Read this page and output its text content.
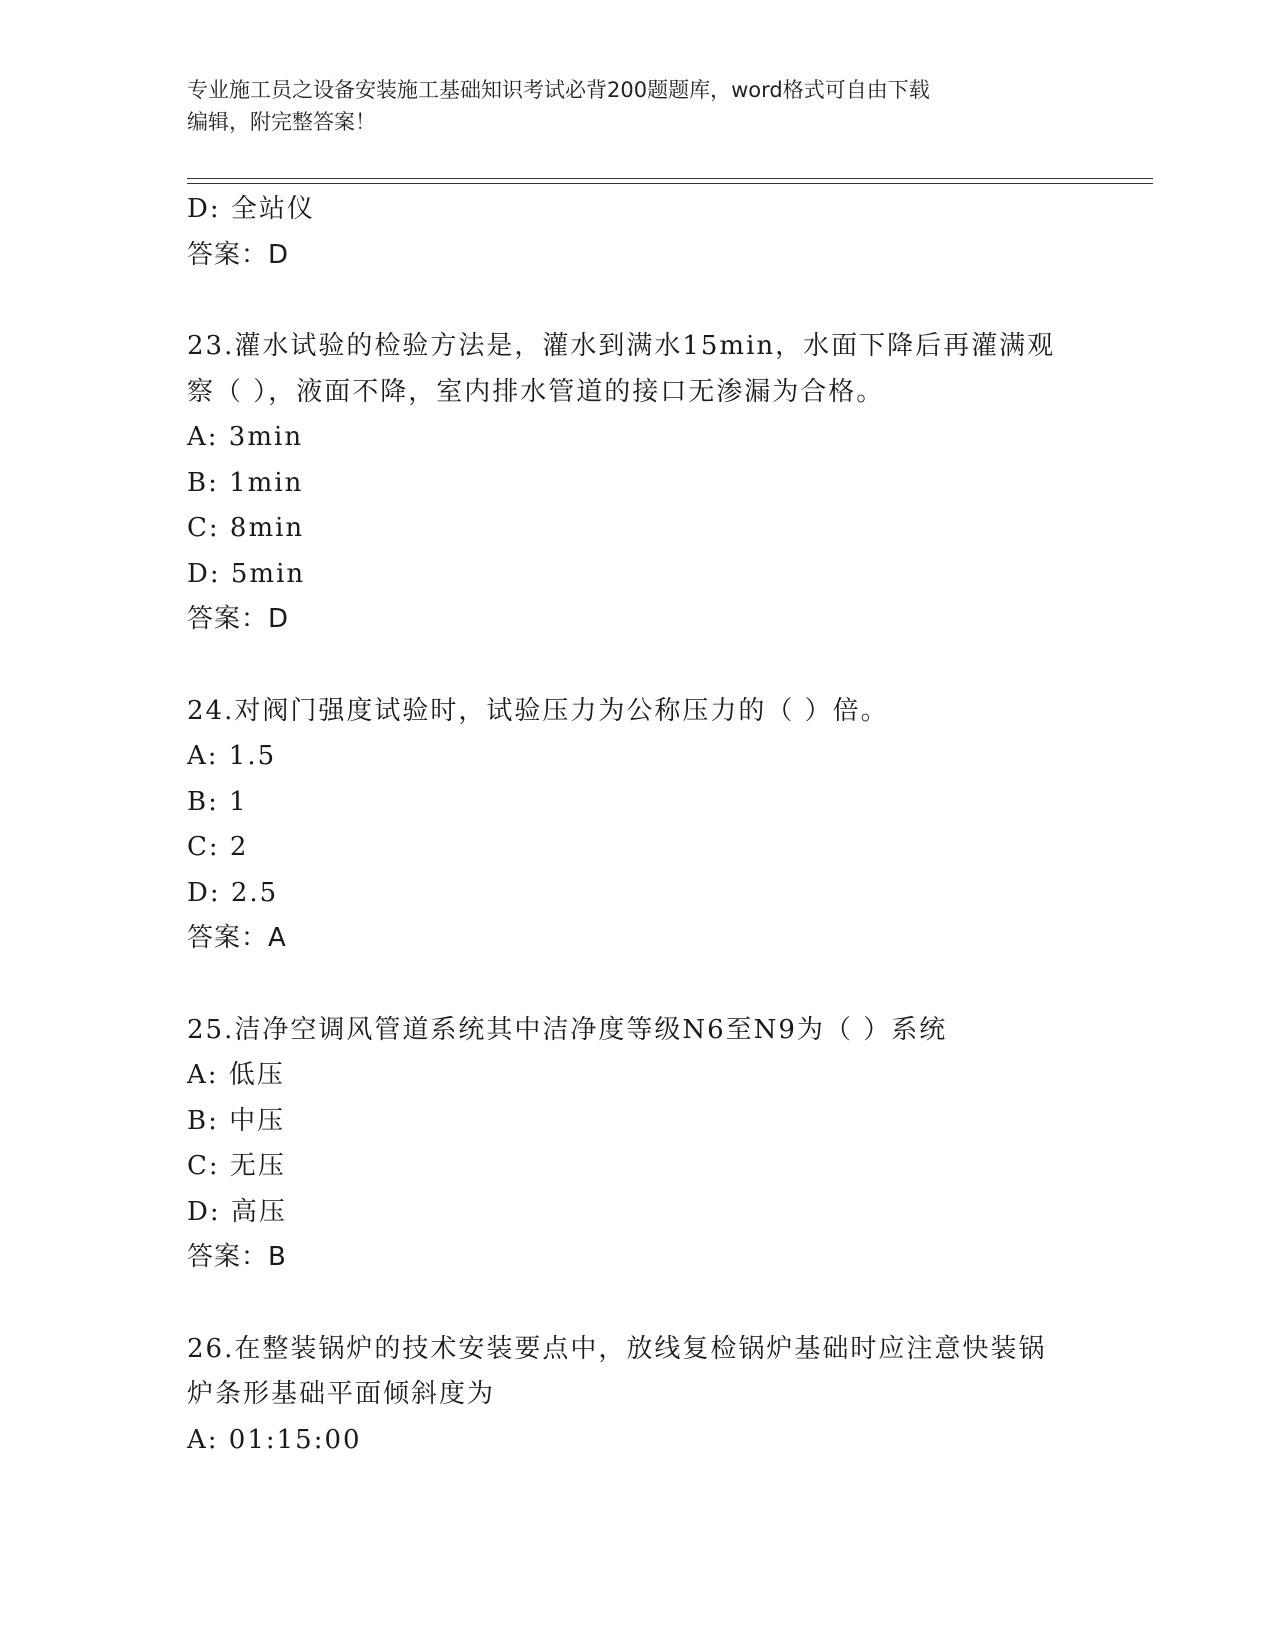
专业施工员之设备安装施工基础知识考试必背200题题库，word格式可自由下载
编辑，附完整答案！
D: 全站仪
答案：D
23.灌水试验的检验方法是，灌水到满水15min，水面下降后再灌满观
察（ ），液面不降，室内排水管道的接口无渗漏为合格。
A: 3min
B: 1min
C: 8min
D: 5min
答案：D
24.对阀门强度试验时，试验压力为公称压力的（ ）倍。
A: 1.5
B: 1
C: 2
D: 2.5
答案：A
25.洁净空调风管道系统其中洁净度等级N6至N9为（ ）系统
A: 低压
B: 中压
C: 无压
D: 高压
答案：B
26.在整装锅炉的技术安装要点中，放线复检锅炉基础时应注意快装锅
炉条形基础平面倾斜度为
A: 01:15:00
